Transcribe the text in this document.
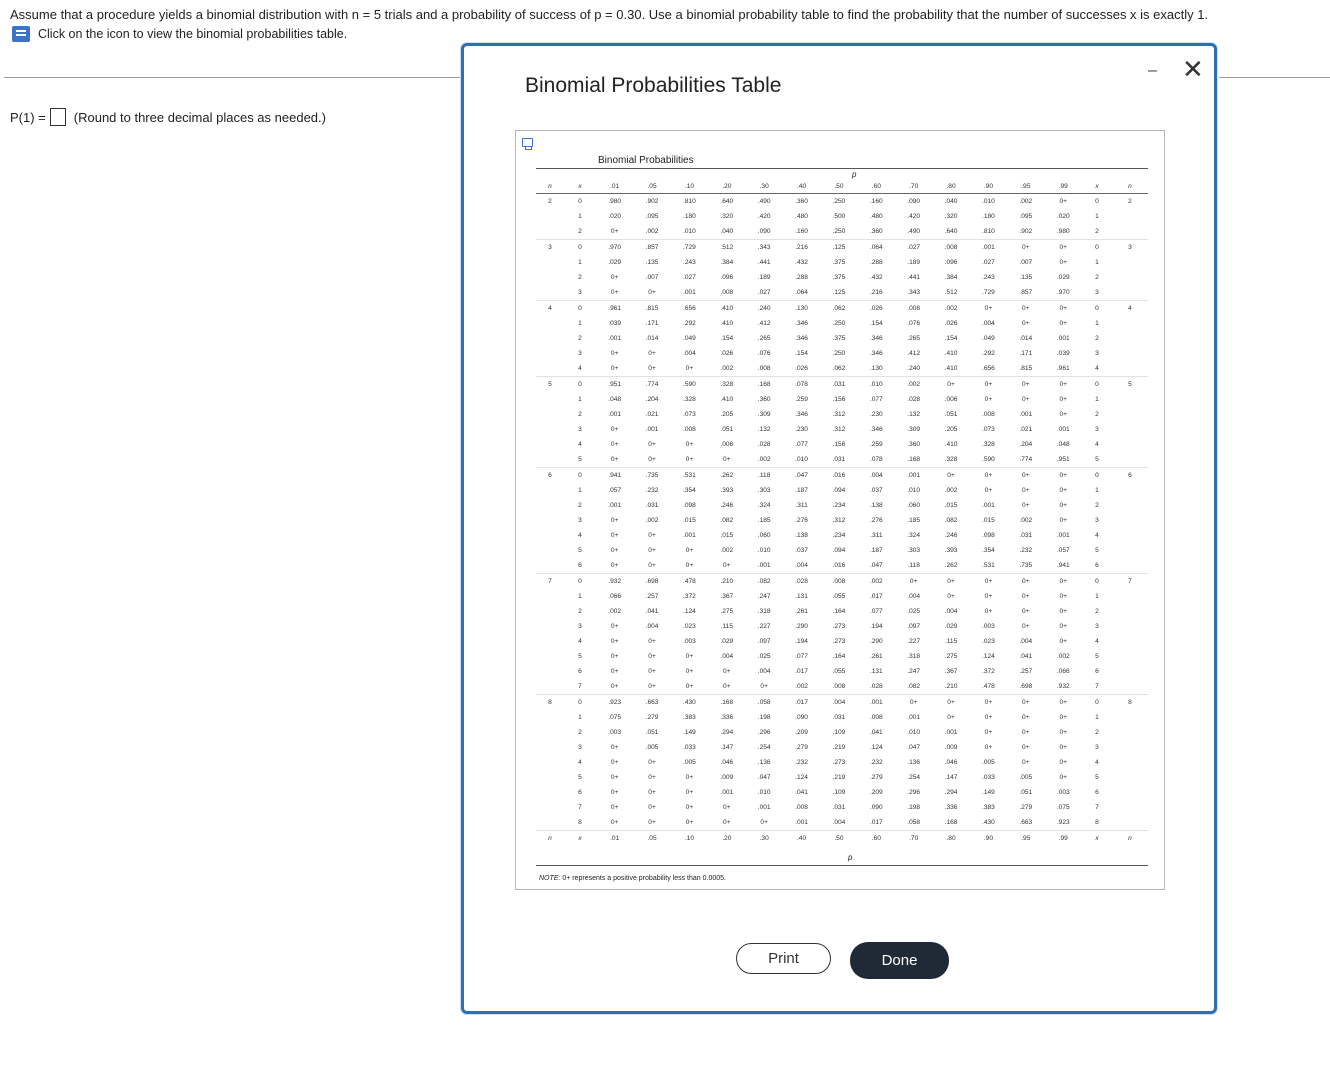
Assume that a procedure yields a binomial distribution with n = 5 trials and a probability of success of p = 0.30. Use a binomial probability table to find the probability that the number of successes x is exactly 1.
Click on the icon to view the binomial probabilities table.
P(1) = (Round to three decimal places as needed.)
Binomial Probabilities Table
– ✕
Binomial Probabilities
p
n	x	.01	.05	.10	.20	.30	.40	.50	.60	.70	.80	.90	.95	.99	x	n
2	0	.980	.902	.810	.640	.490	.360	.250	.160	.090	.040	.010	.002	0+	0	2
	1	.020	.095	.180	.320	.420	.480	.500	.480	.420	.320	.180	.095	.020	1	
	2	0+	.002	.010	.040	.090	.160	.250	.360	.490	.640	.810	.902	.980	2	
3	0	.970	.857	.729	.512	.343	.216	.125	.064	.027	.008	.001	0+	0+	0	3
	1	.029	.135	.243	.384	.441	.432	.375	.288	.189	.096	.027	.007	0+	1	
	2	0+	.007	.027	.096	.189	.288	.375	.432	.441	.384	.243	.135	.029	2	
	3	0+	0+	.001	.008	.027	.064	.125	.216	.343	.512	.729	.857	.970	3	
4	0	.961	.815	.656	.410	.240	.130	.062	.026	.008	.002	0+	0+	0+	0	4
	1	.039	.171	.292	.410	.412	.346	.250	.154	.076	.026	.004	0+	0+	1	
	2	.001	.014	.049	.154	.265	.346	.375	.346	.265	.154	.049	.014	.001	2	
	3	0+	0+	.004	.026	.076	.154	.250	.346	.412	.410	.292	.171	.039	3	
	4	0+	0+	0+	.002	.008	.026	.062	.130	.240	.410	.656	.815	.961	4	
5	0	.951	.774	.590	.328	.168	.078	.031	.010	.002	0+	0+	0+	0+	0	5
	1	.048	.204	.328	.410	.360	.259	.156	.077	.028	.006	0+	0+	0+	1	
	2	.001	.021	.073	.205	.309	.346	.312	.230	.132	.051	.008	.001	0+	2	
	3	0+	.001	.008	.051	.132	.230	.312	.346	.309	.205	.073	.021	.001	3	
	4	0+	0+	0+	.006	.028	.077	.156	.259	.360	.410	.328	.204	.048	4	
	5	0+	0+	0+	0+	.002	.010	.031	.078	.168	.328	.590	.774	.951	5	
6	0	.941	.735	.531	.262	.118	.047	.016	.004	.001	0+	0+	0+	0+	0	6
	1	.057	.232	.354	.393	.303	.187	.094	.037	.010	.002	0+	0+	0+	1	
	2	.001	.031	.098	.246	.324	.311	.234	.138	.060	.015	.001	0+	0+	2	
	3	0+	.002	.015	.082	.185	.276	.312	.276	.185	.082	.015	.002	0+	3	
	4	0+	0+	.001	.015	.060	.138	.234	.311	.324	.246	.098	.031	.001	4	
	5	0+	0+	0+	.002	.010	.037	.094	.187	.303	.393	.354	.232	.057	5	
	6	0+	0+	0+	0+	.001	.004	.016	.047	.118	.262	.531	.735	.941	6	
7	0	.932	.698	.478	.210	.082	.028	.008	.002	0+	0+	0+	0+	0+	0	7
	1	.066	.257	.372	.367	.247	.131	.055	.017	.004	0+	0+	0+	0+	1	
	2	.002	.041	.124	.275	.318	.261	.164	.077	.025	.004	0+	0+	0+	2	
	3	0+	.004	.023	.115	.227	.290	.273	.194	.097	.029	.003	0+	0+	3	
	4	0+	0+	.003	.029	.097	.194	.273	.290	.227	.115	.023	.004	0+	4	
	5	0+	0+	0+	.004	.025	.077	.164	.261	.318	.275	.124	.041	.002	5	
	6	0+	0+	0+	0+	.004	.017	.055	.131	.247	.367	.372	.257	.066	6	
	7	0+	0+	0+	0+	0+	.002	.008	.028	.082	.210	.478	.698	.932	7	
8	0	.923	.663	.430	.168	.058	.017	.004	.001	0+	0+	0+	0+	0+	0	8
	1	.075	.279	.383	.336	.198	.090	.031	.008	.001	0+	0+	0+	0+	1	
	2	.003	.051	.149	.294	.296	.209	.109	.041	.010	.001	0+	0+	0+	2	
	3	0+	.005	.033	.147	.254	.279	.219	.124	.047	.009	0+	0+	0+	3	
	4	0+	0+	.005	.046	.136	.232	.273	.232	.136	.046	.005	0+	0+	4	
	5	0+	0+	0+	.009	.047	.124	.219	.279	.254	.147	.033	.005	0+	5	
	6	0+	0+	0+	.001	.010	.041	.109	.209	.296	.294	.149	.051	.003	6	
	7	0+	0+	0+	0+	.001	.008	.031	.090	.198	.336	.383	.279	.075	7	
	8	0+	0+	0+	0+	0+	.001	.004	.017	.058	.168	.430	.663	.923	8	
n	x	.01	.05	.10	.20	.30	.40	.50	.60	.70	.80	.90	.95	.99	x	n
p
NOTE: 0+ represents a positive probability less than 0.0005.
Print	Done
